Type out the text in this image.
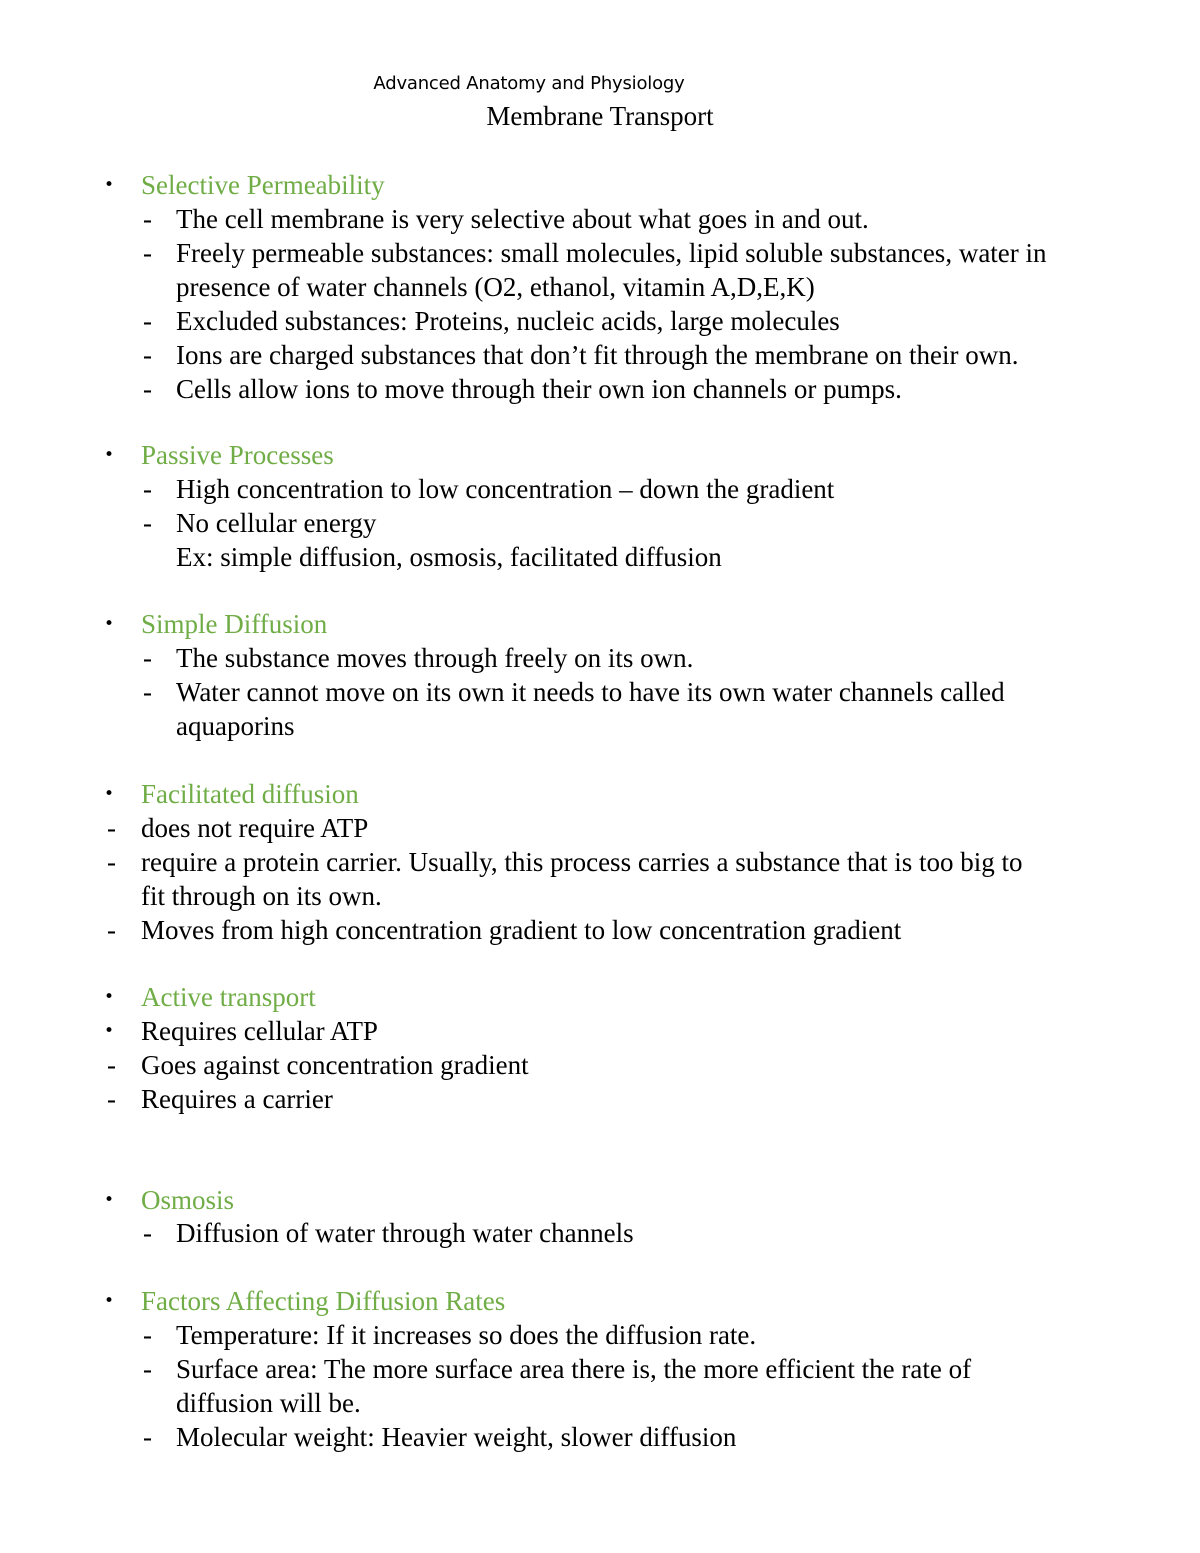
Advanced Anatomy and Physiology
Membrane Transport
• Selective Permeability
- The cell membrane is very selective about what goes in and out.
- Freely permeable substances: small molecules, lipid soluble substances, water in
presence of water channels (O2, ethanol, vitamin A,D,E,K)
- Excluded substances: Proteins, nucleic acids, large molecules
- Ions are charged substances that don’t fit through the membrane on their own.
- Cells allow ions to move through their own ion channels or pumps.
• Passive Processes
- High concentration to low concentration – down the gradient
- No cellular energy
Ex: simple diffusion, osmosis, facilitated diffusion
• Simple Diffusion
- The substance moves through freely on its own.
- Water cannot move on its own it needs to have its own water channels called
aquaporins
• Facilitated diffusion
- does not require ATP
- require a protein carrier. Usually, this process carries a substance that is too big to
fit through on its own.
- Moves from high concentration gradient to low concentration gradient
• Active transport
• Requires cellular ATP
- Goes against concentration gradient
- Requires a carrier
• Osmosis
- Diffusion of water through water channels
• Factors Affecting Diffusion Rates
- Temperature: If it increases so does the diffusion rate.
- Surface area: The more surface area there is, the more efficient the rate of
diffusion will be.
- Molecular weight: Heavier weight, slower diffusion
